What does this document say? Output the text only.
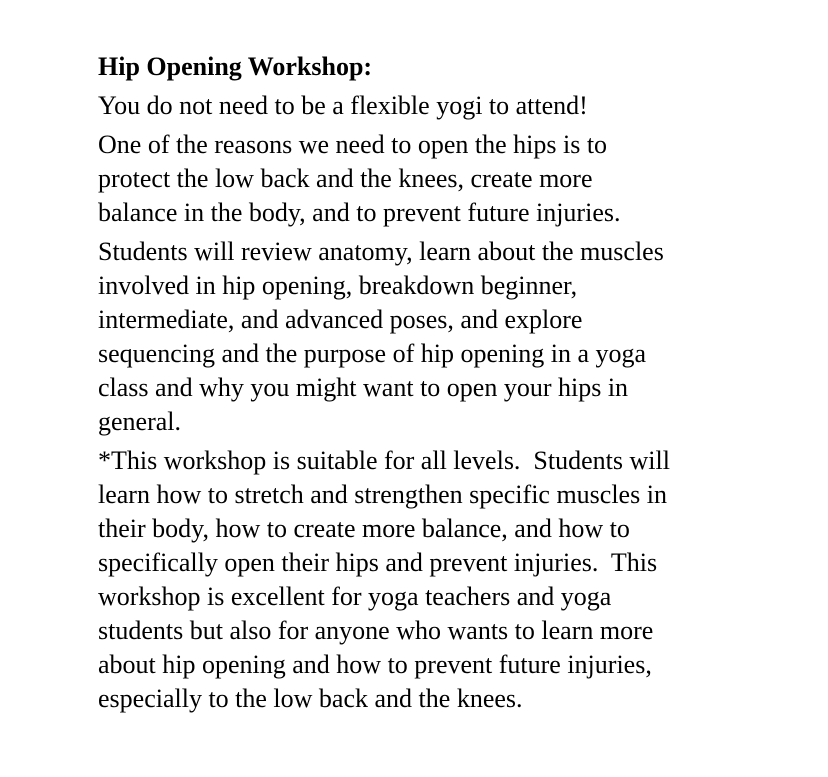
Hip Opening Workshop:

You do not need to be a flexible yogi to attend!

One of the reasons we need to open the hips is to
protect the low back and the knees, create more
balance in the body, and to prevent future injuries.

Students will review anatomy, learn about the muscles
involved in hip opening, breakdown beginner,
intermediate, and advanced poses, and explore
sequencing and the purpose of hip opening in a yoga
class and why you might want to open your hips in
general.

*This workshop is suitable for all levels.  Students will
learn how to stretch and strengthen specific muscles in
their body, how to create more balance, and how to
specifically open their hips and prevent injuries.  This
workshop is excellent for yoga teachers and yoga
students but also for anyone who wants to learn more
about hip opening and how to prevent future injuries,
especially to the low back and the knees.
